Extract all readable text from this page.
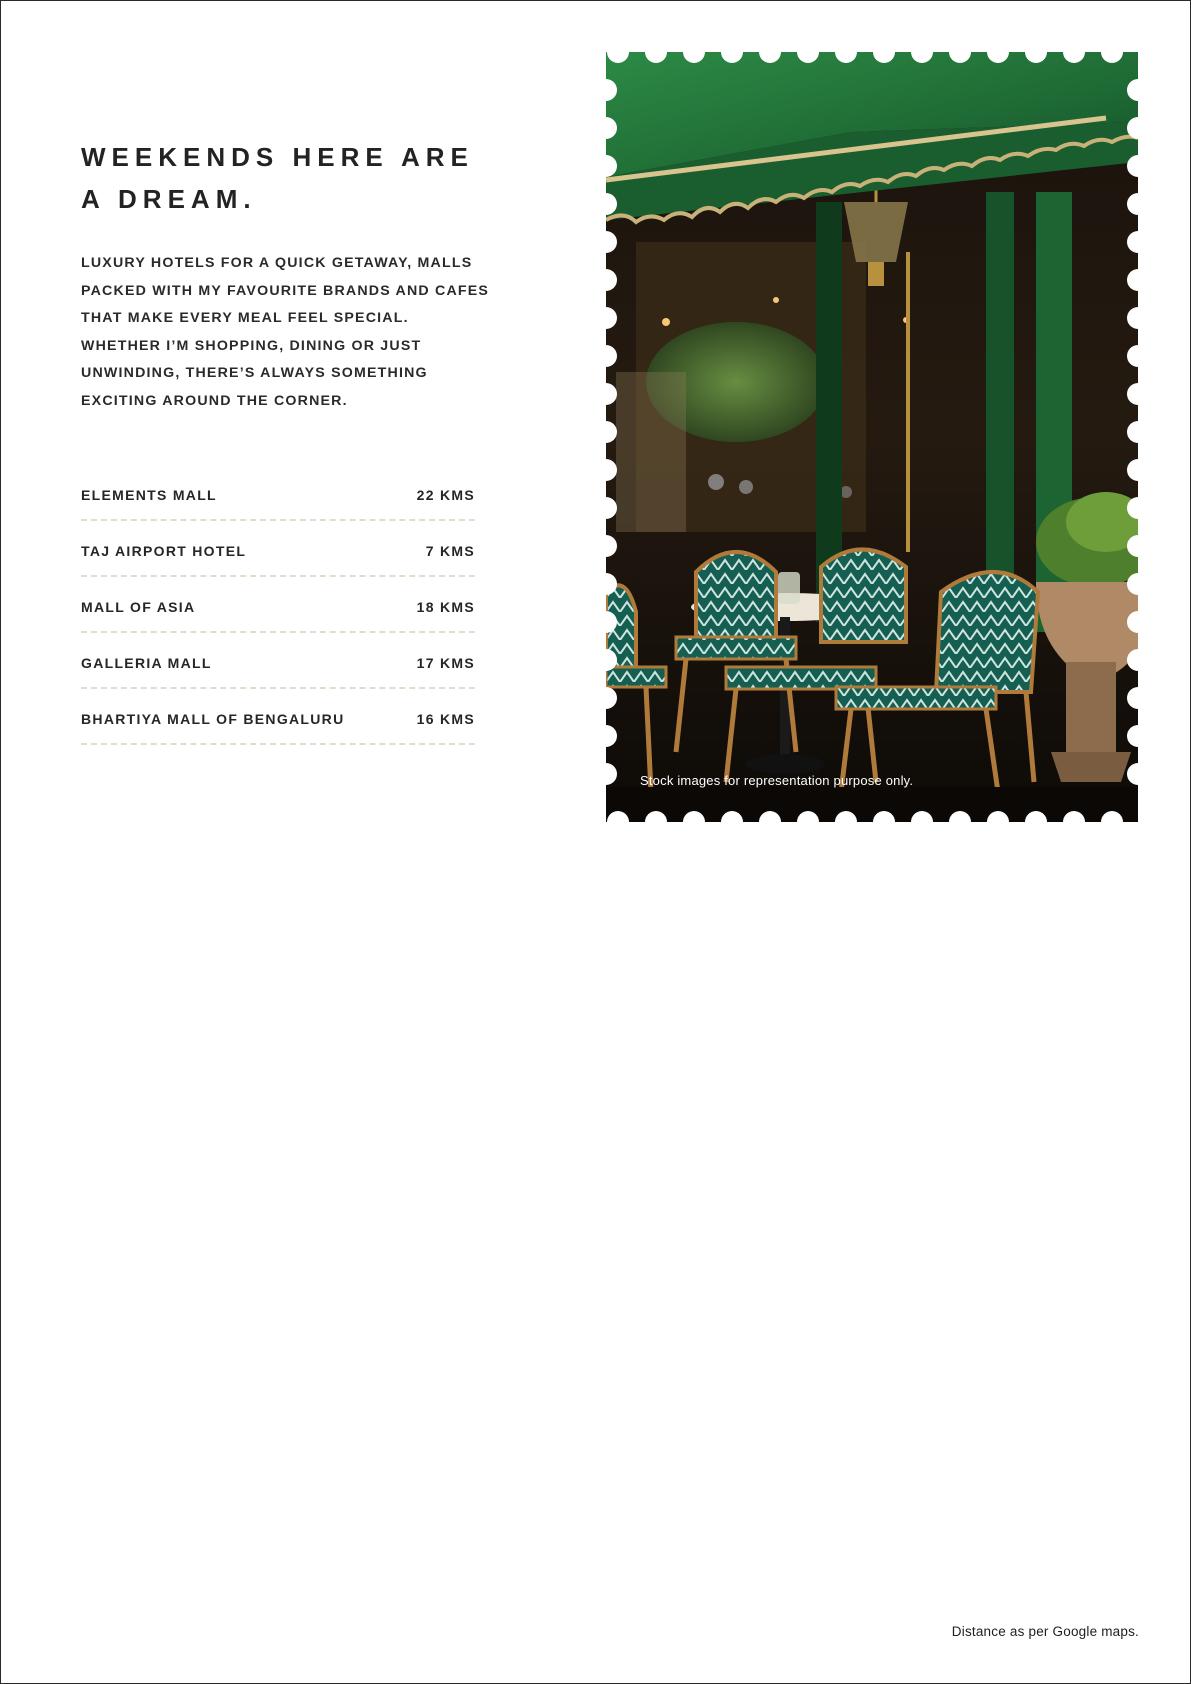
WEEKENDS HERE ARE
A DREAM.

LUXURY HOTELS FOR A QUICK GETAWAY, MALLS PACKED WITH MY FAVOURITE BRANDS AND CAFES THAT MAKE EVERY MEAL FEEL SPECIAL. WHETHER I’M SHOPPING, DINING OR JUST UNWINDING, THERE’S ALWAYS SOMETHING EXCITING AROUND THE CORNER.

ELEMENTS MALL	22 KMS
TAJ AIRPORT HOTEL	7 KMS
MALL OF ASIA	18 KMS
GALLERIA MALL	17 KMS
BHARTIYA MALL OF BENGALURU	16 KMS

Stock images for representation purpose only.

Distance as per Google maps.
